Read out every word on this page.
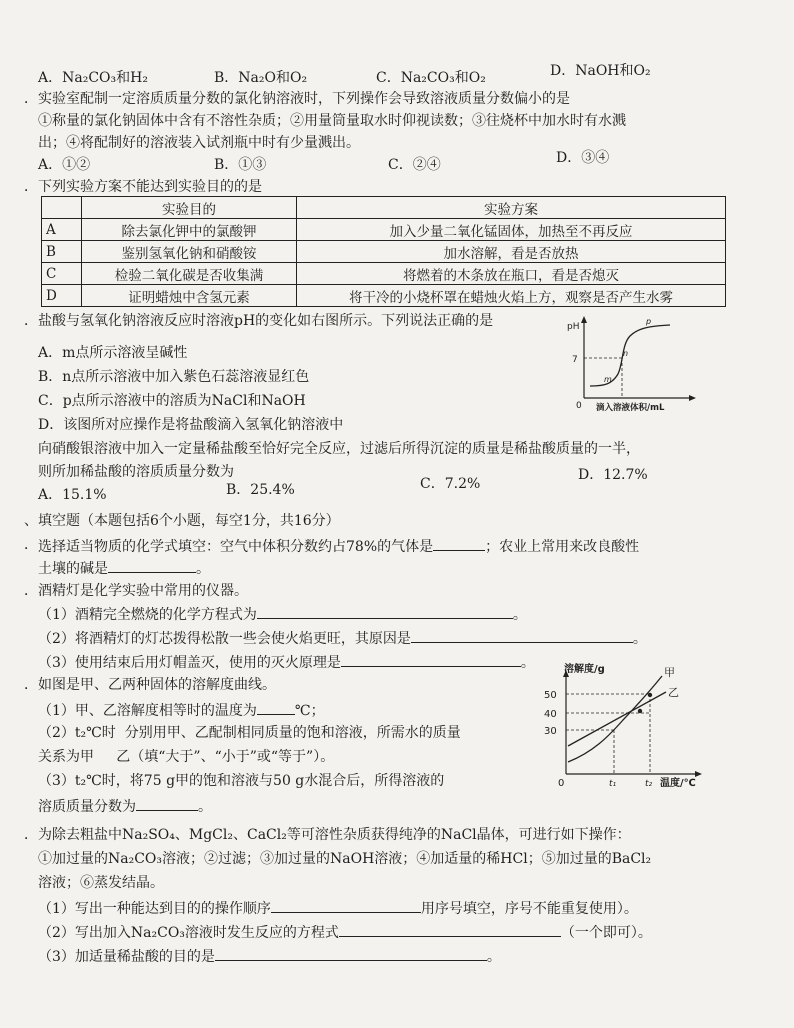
A．Na₂CO₃和H₂	B．Na₂O和O₂	C．Na₂CO₃和O₂	D．NaOH和O₂
． 实验室配制一定溶质质量分数的氯化钠溶液时，下列操作会导致溶液质量分数偏小的是
①称量的氯化钠固体中含有不溶性杂质；②用量筒量取水时仰视读数；③往烧杯中加水时有水溅
出；④将配制好的溶液装入试剂瓶中时有少量溅出。
A．①②	B．①③	C．②④	D．③④
． 下列实验方案不能达到实验目的的是
	实验目的	实验方案
A	除去氯化钾中的氯酸钾	加入少量二氧化锰固体，加热至不再反应
B	鉴别氢氧化钠和硝酸铵	加水溶解，看是否放热
C	检验二氧化碳是否收集满	将燃着的木条放在瓶口，看是否熄灭
D	证明蜡烛中含氢元素	将干冷的小烧杯罩在蜡烛火焰上方，观察是否产生水雾
． 盐酸与氢氧化钠溶液反应时溶液pH的变化如右图所示。下列说法正确的是
A．m点所示溶液呈碱性
B．n点所示溶液中加入紫色石蕊溶液显红色
C．p点所示溶液中的溶质为NaCl和NaOH
D．该图所对应操作是将盐酸滴入氢氧化钠溶液中
pH
7
0 滴入溶液体积/mL
m
n
p
向硝酸银溶液中加入一定量稀盐酸至恰好完全反应，过滤后所得沉淀的质量是稀盐酸质量的一半，
则所加稀盐酸的溶质质量分数为
A．15.1%	B．25.4%	C．7.2%
D．12.7%
、 填空题（本题包括6个小题，每空1分，共16分）
． 选择适当物质的化学式填空：空气中体积分数约占78%的气体是	；农业上常用来改良酸性
土壤的碱是	。
． 酒精灯是化学实验中常用的仪器。
（1）酒精完全燃烧的化学方程式为	。
（2）将酒精灯的灯芯拨得松散一些会使火焰更旺，其原因是	。
（3）使用结束后用灯帽盖灭，使用的灭火原理是	。
． 如图是甲、乙两种固体的溶解度曲线。
（1）甲、乙溶解度相等时的温度为	℃；
（2）t₂℃时 分别用甲、乙配制相同质量的饱和溶液，所需水的质量
关系为甲 乙（填“大于”、“小于”或“等于”）。
（3）t₂℃时，将75 g甲的饱和溶液与50 g水混合后，所得溶液的
溶质质量分数为	。
溶解度/g
50
40
30
0	t₁	t₂ 温度/℃
甲
乙
． 为除去粗盐中Na₂SO₄、MgCl₂、CaCl₂等可溶性杂质获得纯净的NaCl晶体，可进行如下操作：
①加过量的Na₂CO₃溶液；②过滤；③加过量的NaOH溶液；④加适量的稀HCl；⑤加过量的BaCl₂
溶液；⑥蒸发结晶。
（1）写出一种能达到目的的操作顺序	用序号填空，序号不能重复使用）。
（2）写出加入Na₂CO₃溶液时发生反应的方程式	（一个即可）。
（3）加适量稀盐酸的目的是	。
